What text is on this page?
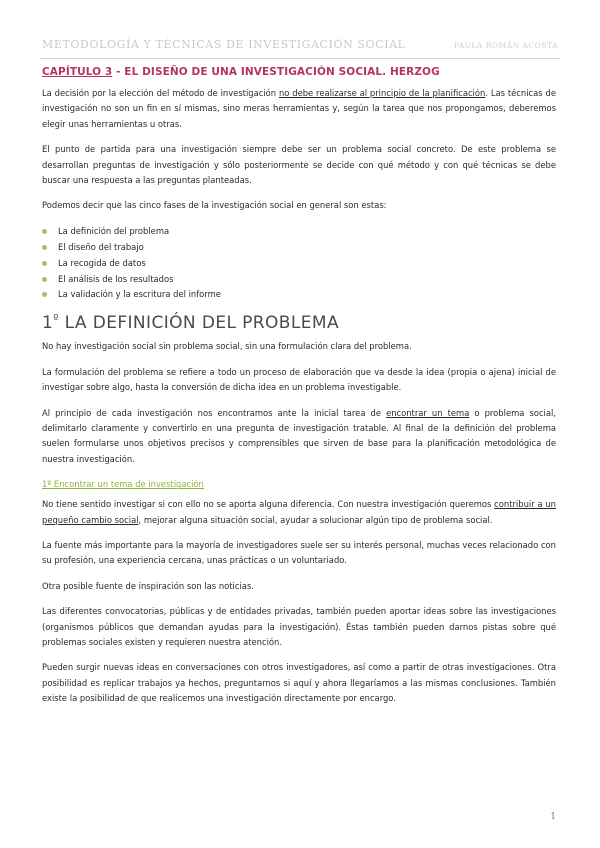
METODOLOGÍA Y TÉCNICAS DE INVESTIGACIÓN SOCIAL	PAULA ROMÁN ACOSTA
CAPÍTULO 3 - EL DISEÑO DE UNA INVESTIGACIÓN SOCIAL. HERZOG

La decisión por la elección del método de investigación no debe realizarse al principio de la planificación. Las técnicas de investigación no son un fin en sí mismas, sino meras herramientas y, según la tarea que nos propongamos, deberemos elegir unas herramientas u otras.

El punto de partida para una investigación siempre debe ser un problema social concreto. De este problema se desarrollan preguntas de investigación y sólo posteriormente se decide con qué método y con qué técnicas se debe buscar una respuesta a las preguntas planteadas.

Podemos decir que las cinco fases de la investigación social en general son estas:

La definición del problema
El diseño del trabajo
La recogida de datos
El análisis de los resultados
La validación y la escritura del informe
$1^º$ LA DEFINICIÓN DEL PROBLEMA

No hay investigación social sin problema social, sin una formulación clara del problema.

La formulación del problema se refiere a todo un proceso de elaboración que va desde la idea (propia o ajena) inicial de investigar sobre algo, hasta la conversión de dicha idea en un problema investigable.

Al principio de cada investigación nos encontramos ante la inicial tarea de encontrar un tema o problema social, delimitarlo claramente y convertirlo en una pregunta de investigación tratable. Al final de la definición del problema suelen formularse unos objetivos precisos y comprensibles que sirven de base para la planificación metodológica de nuestra investigación.

1º Encontrar un tema de investigación

No tiene sentido investigar si con ello no se aporta alguna diferencia. Con nuestra investigación queremos contribuir a un pequeño cambio social, mejorar alguna situación social, ayudar a solucionar algún tipo de problema social.

La fuente más importante para la mayoría de investigadores suele ser su interés personal, muchas veces relacionado con su profesión, una experiencia cercana, unas prácticas o un voluntariado.

Otra posible fuente de inspiración son las noticias.

Las diferentes convocatorias, públicas y de entidades privadas, también pueden aportar ideas sobre las investigaciones (organismos públicos que demandan ayudas para la investigación). Éstas también pueden darnos pistas sobre qué problemas sociales existen y requieren nuestra atención.

Pueden surgir nuevas ideas en conversaciones con otros investigadores, así como a partir de otras investigaciones. Otra posibilidad es replicar trabajos ya hechos, preguntarnos si aquí y ahora llegaríamos a las mismas conclusiones. También existe la posibilidad de que realicemos una investigación directamente por encargo.

1
